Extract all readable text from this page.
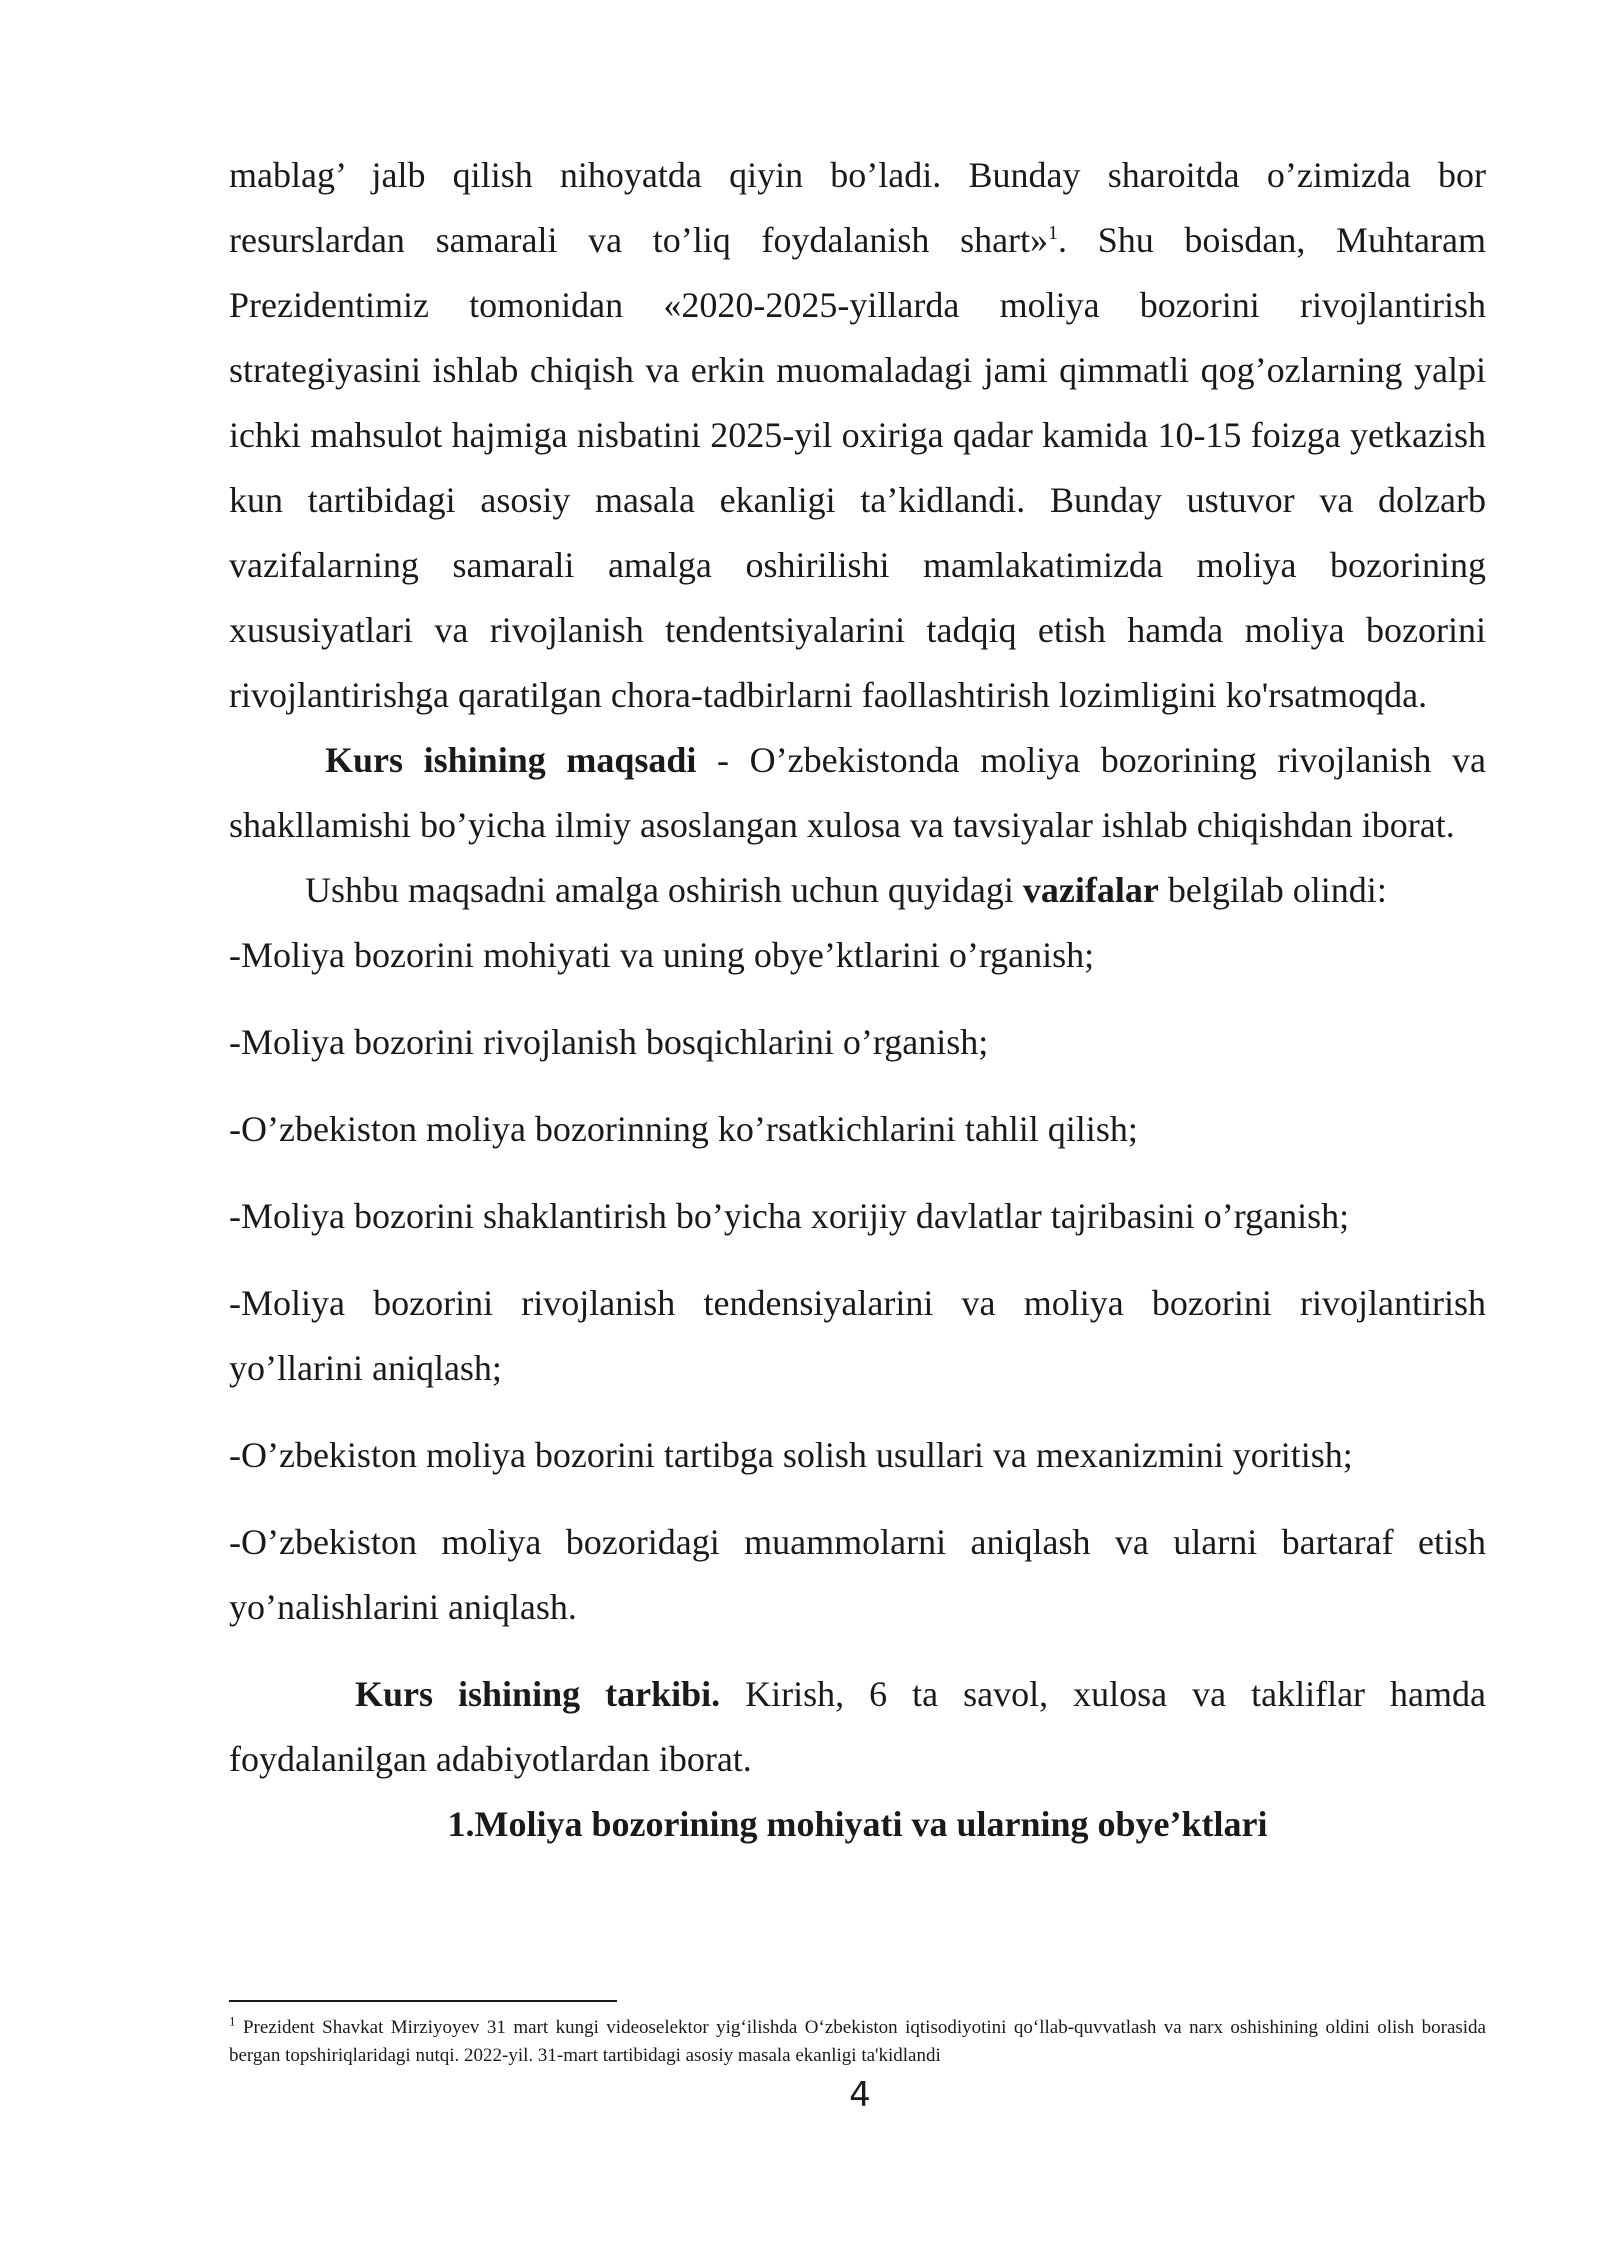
mablag’ jalb qilish nihoyatda qiyin bo’ladi. Bunday sharoitda o’zimizda bor resurslardan samarali va to’liq foydalanish shart»$^1$. Shu boisdan, Muhtaram Prezidentimiz tomonidan «2020-2025-yillarda moliya bozorini rivojlantirish strategiyasini ishlab chiqish va erkin muomaladagi jami qimmatli qog’ozlarning yalpi ichki mahsulot hajmiga nisbatini 2025-yil oxiriga qadar kamida 10-15 foizga yetkazish kun tartibidagi asosiy masala ekanligi ta’kidlandi. Bunday ustuvor va dolzarb vazifalarning samarali amalga oshirilishi mamlakatimizda moliya bozorining xususiyatlari va rivojlanish tendentsiyalarini tadqiq etish hamda moliya bozorini rivojlantirishga qaratilgan chora-tadbirlarni faollashtirish lozimligini ko'rsatmoqda.

Kurs ishining maqsadi - O’zbekistonda moliya bozorining rivojlanish va shakllamishi bo’yicha ilmiy asoslangan xulosa va tavsiyalar ishlab chiqishdan iborat.

Ushbu maqsadni amalga oshirish uchun quyidagi vazifalar belgilab olindi:

-Moliya bozorini mohiyati va uning obye’ktlarini o’rganish;

-Moliya bozorini rivojlanish bosqichlarini o’rganish;

-O’zbekiston moliya bozorinning ko’rsatkichlarini tahlil qilish;

-Moliya bozorini shaklantirish bo’yicha xorijiy davlatlar tajribasini o’rganish;

-Moliya bozorini rivojlanish tendensiyalarini va moliya bozorini rivojlantirish yo’llarini aniqlash;

-O’zbekiston moliya bozorini tartibga solish usullari va mexanizmini yoritish;

-O’zbekiston moliya bozoridagi muammolarni aniqlash va ularni bartaraf etish yo’nalishlarini aniqlash.

Kurs ishining tarkibi. Kirish, 6 ta savol, xulosa va takliflar hamda foydalanilgan adabiyotlardan iborat.

1.Moliya bozorining mohiyati va ularning obye’ktlari

$^1$ Prezident Shavkat Mirziyoyev 31 mart kungi videoselektor yig‘ilishda O‘zbekiston iqtisodiyotini qo‘llab-quvvatlash va narx oshishining oldini olish borasida bergan topshiriqlaridagi nutqi. 2022-yil. 31-mart tartibidagi asosiy masala ekanligi ta'kidlandi
4
